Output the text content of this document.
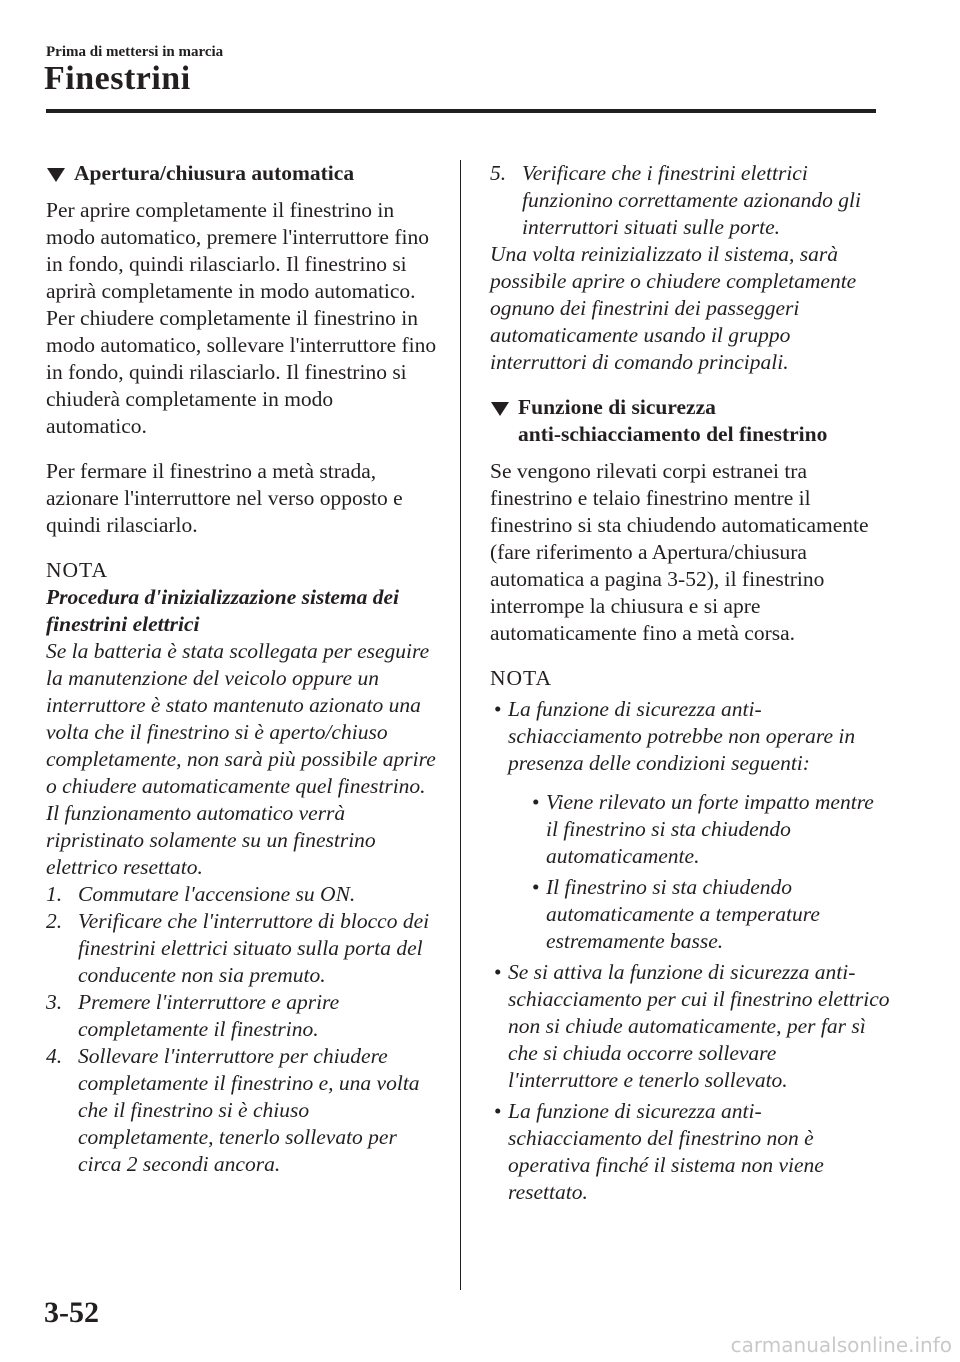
Prima di mettersi in marcia
Finestrini

Apertura/chiusura automatica

Per aprire completamente il finestrino in modo automatico, premere l'interruttore fino in fondo, quindi rilasciarlo. Il finestrino si aprirà completamente in modo automatico.

Per chiudere completamente il finestrino in modo automatico, sollevare l'interruttore fino in fondo, quindi rilasciarlo. Il finestrino si chiuderà completamente in modo automatico.

Per fermare il finestrino a metà strada, azionare l'interruttore nel verso opposto e quindi rilasciarlo.

NOTA

Procedura d'inizializzazione sistema dei finestrini elettrici

Se la batteria è stata scollegata per eseguire la manutenzione del veicolo oppure un interruttore è stato mantenuto azionato una volta che il finestrino si è aperto/chiuso completamente, non sarà più possibile aprire o chiudere automaticamente quel finestrino.

Il funzionamento automatico verrà ripristinato solamente su un finestrino elettrico resettato.

1. Commutare l'accensione su ON.
2. Verificare che l'interruttore di blocco dei finestrini elettrici situato sulla porta del conducente non sia premuto.
3. Premere l'interruttore e aprire completamente il finestrino.
4. Sollevare l'interruttore per chiudere completamente il finestrino e, una volta che il finestrino si è chiuso completamente, tenerlo sollevato per circa 2 secondi ancora.
5. Verificare che i finestrini elettrici funzionino correttamente azionando gli interruttori situati sulle porte.

Una volta reinizializzato il sistema, sarà possibile aprire o chiudere completamente ognuno dei finestrini dei passeggeri automaticamente usando il gruppo interruttori di comando principali.

Funzione di sicurezza
anti-schiacciamento del finestrino

Se vengono rilevati corpi estranei tra finestrino e telaio finestrino mentre il finestrino si sta chiudendo automaticamente (fare riferimento a Apertura/chiusura automatica a pagina 3-52), il finestrino interrompe la chiusura e si apre automaticamente fino a metà corsa.

NOTA

• La funzione di sicurezza anti-schiacciamento potrebbe non operare in presenza delle condizioni seguenti:
• Viene rilevato un forte impatto mentre il finestrino si sta chiudendo automaticamente.
• Il finestrino si sta chiudendo automaticamente a temperature estremamente basse.
• Se si attiva la funzione di sicurezza anti-schiacciamento per cui il finestrino elettrico non si chiude automaticamente, per far sì che si chiuda occorre sollevare l'interruttore e tenerlo sollevato.
• La funzione di sicurezza anti-schiacciamento del finestrino non è operativa finché il sistema non viene resettato.
3-52
carmanualsonline.info
